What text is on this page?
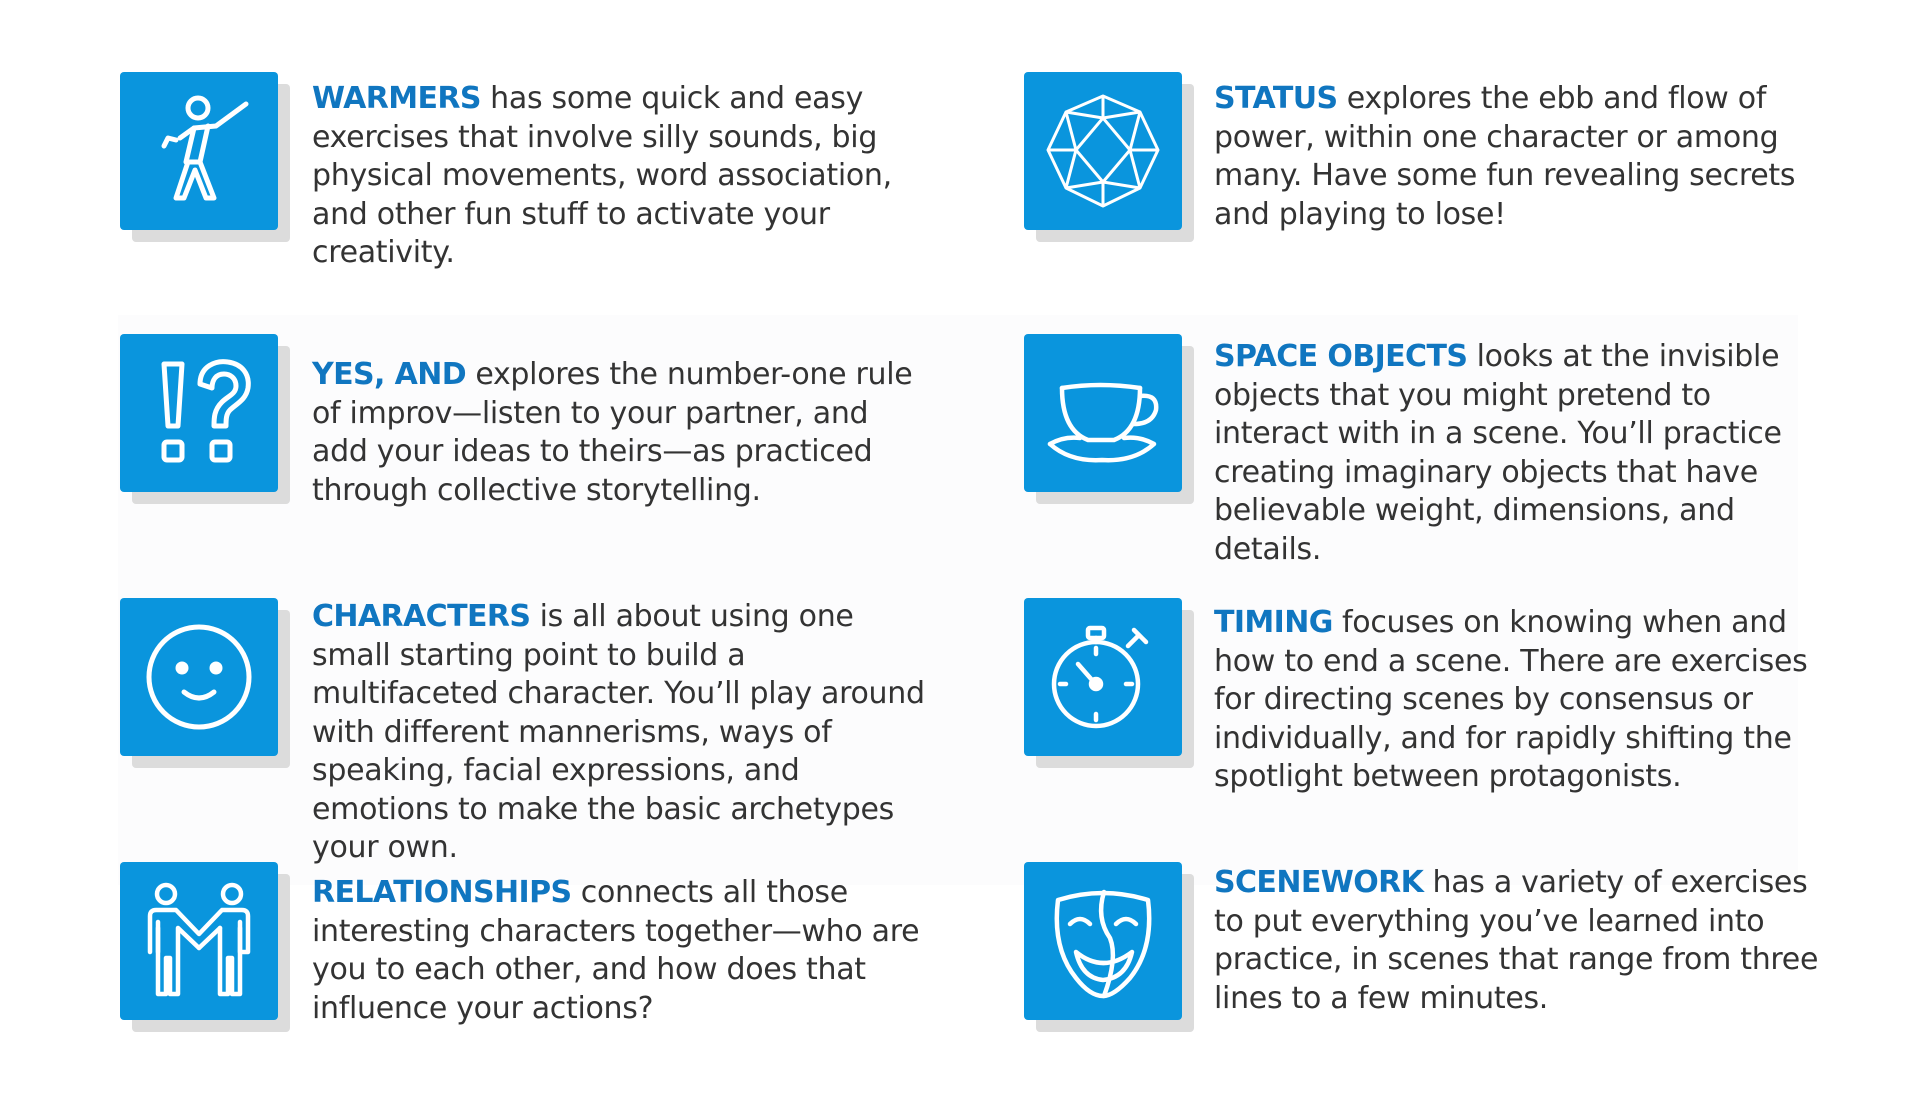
WARMERS has some quick and easy exercises that involve silly sounds, big physical movements, word association, and other fun stuff to activate your creativity.

YES, AND explores the number-one rule of improv—listen to your partner, and add your ideas to theirs—as practiced through collective storytelling.

CHARACTERS is all about using one small starting point to build a multifaceted character. You’ll play around with different mannerisms, ways of speaking, facial expressions, and emotions to make the basic archetypes your own.

RELATIONSHIPS connects all those interesting characters together—who are you to each other, and how does that influence your actions?

STATUS explores the ebb and flow of power, within one character or among many. Have some fun revealing secrets and playing to lose!

SPACE OBJECTS looks at the invisible objects that you might pretend to interact with in a scene. You’ll practice creating imaginary objects that have believable weight, dimensions, and details.

TIMING focuses on knowing when and how to end a scene. There are exercises for directing scenes by consensus or individually, and for rapidly shifting the spotlight between protagonists.

SCENEWORK has a variety of exercises to put everything you’ve learned into practice, in scenes that range from three lines to a few minutes.
